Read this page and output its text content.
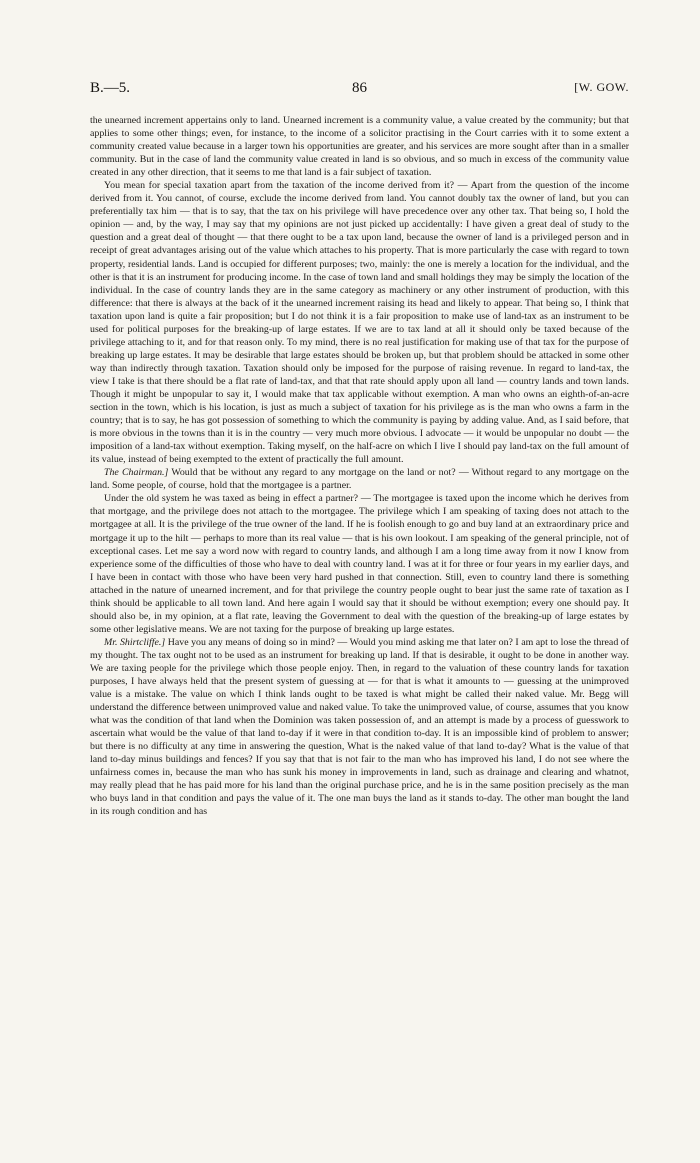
B.—5.	86	[W. GOW.

the unearned increment appertains only to land. Unearned increment is a community value, a value created by the community; but that applies to some other things; even, for instance, to the income of a solicitor practising in the Court carries with it to some extent a community created value because in a larger town his opportunities are greater, and his services are more sought after than in a smaller community. But in the case of land the community value created in land is so obvious, and so much in excess of the community value created in any other direction, that it seems to me that land is a fair subject of taxation.

You mean for special taxation apart from the taxation of the income derived from it? — Apart from the question of the income derived from it. You cannot, of course, exclude the income derived from land. You cannot doubly tax the owner of land, but you can preferentially tax him — that is to say, that the tax on his privilege will have precedence over any other tax. That being so, I hold the opinion — and, by the way, I may say that my opinions are not just picked up accidentally: I have given a great deal of study to the question and a great deal of thought — that there ought to be a tax upon land, because the owner of land is a privileged person and in receipt of great advantages arising out of the value which attaches to his property. That is more particularly the case with regard to town property, residential lands. Land is occupied for different purposes; two, mainly: the one is merely a location for the individual, and the other is that it is an instrument for producing income. In the case of town land and small holdings they may be simply the location of the individual. In the case of country lands they are in the same category as machinery or any other instrument of production, with this difference: that there is always at the back of it the unearned increment raising its head and likely to appear. That being so, I think that taxation upon land is quite a fair proposition; but I do not think it is a fair proposition to make use of land-tax as an instrument to be used for political purposes for the breaking-up of large estates. If we are to tax land at all it should only be taxed because of the privilege attaching to it, and for that reason only. To my mind, there is no real justification for making use of that tax for the purpose of breaking up large estates. It may be desirable that large estates should be broken up, but that problem should be attacked in some other way than indirectly through taxation. Taxation should only be imposed for the purpose of raising revenue. In regard to land-tax, the view I take is that there should be a flat rate of land-tax, and that that rate should apply upon all land — country lands and town lands. Though it might be unpopular to say it, I would make that tax applicable without exemption. A man who owns an eighth-of-an-acre section in the town, which is his location, is just as much a subject of taxation for his privilege as is the man who owns a farm in the country; that is to say, he has got possession of something to which the community is paying by adding value. And, as I said before, that is more obvious in the towns than it is in the country — very much more obvious. I advocate — it would be unpopular no doubt — the imposition of a land-tax without exemption. Taking myself, on the half-acre on which I live I should pay land-tax on the full amount of its value, instead of being exempted to the extent of practically the full amount.

The Chairman.] Would that be without any regard to any mortgage on the land or not? — Without regard to any mortgage on the land. Some people, of course, hold that the mortgagee is a partner.

Under the old system he was taxed as being in effect a partner? — The mortgagee is taxed upon the income which he derives from that mortgage, and the privilege does not attach to the mortgagee. The privilege which I am speaking of taxing does not attach to the mortgagee at all. It is the privilege of the true owner of the land. If he is foolish enough to go and buy land at an extraordinary price and mortgage it up to the hilt — perhaps to more than its real value — that is his own lookout. I am speaking of the general principle, not of exceptional cases. Let me say a word now with regard to country lands, and although I am a long time away from it now I know from experience some of the difficulties of those who have to deal with country land. I was at it for three or four years in my earlier days, and I have been in contact with those who have been very hard pushed in that connection. Still, even to country land there is something attached in the nature of unearned increment, and for that privilege the country people ought to bear just the same rate of taxation as I think should be applicable to all town land. And here again I would say that it should be without exemption; every one should pay. It should also be, in my opinion, at a flat rate, leaving the Government to deal with the question of the breaking-up of large estates by some other legislative means. We are not taxing for the purpose of breaking up large estates.

Mr. Shirtcliffe.] Have you any means of doing so in mind? — Would you mind asking me that later on? I am apt to lose the thread of my thought. The tax ought not to be used as an instrument for breaking up land. If that is desirable, it ought to be done in another way. We are taxing people for the privilege which those people enjoy. Then, in regard to the valuation of these country lands for taxation purposes, I have always held that the present system of guessing at — for that is what it amounts to — guessing at the unimproved value is a mistake. The value on which I think lands ought to be taxed is what might be called their naked value. Mr. Begg will understand the difference between unimproved value and naked value. To take the unimproved value, of course, assumes that you know what was the condition of that land when the Dominion was taken possession of, and an attempt is made by a process of guesswork to ascertain what would be the value of that land to-day if it were in that condition to-day. It is an impossible kind of problem to answer; but there is no difficulty at any time in answering the question, What is the naked value of that land to-day? What is the value of that land to-day minus buildings and fences? If you say that that is not fair to the man who has improved his land, I do not see where the unfairness comes in, because the man who has sunk his money in improvements in land, such as drainage and clearing and whatnot, may really plead that he has paid more for his land than the original purchase price, and he is in the same position precisely as the man who buys land in that condition and pays the value of it. The one man buys the land as it stands to-day. The other man bought the land in its rough condition and has
